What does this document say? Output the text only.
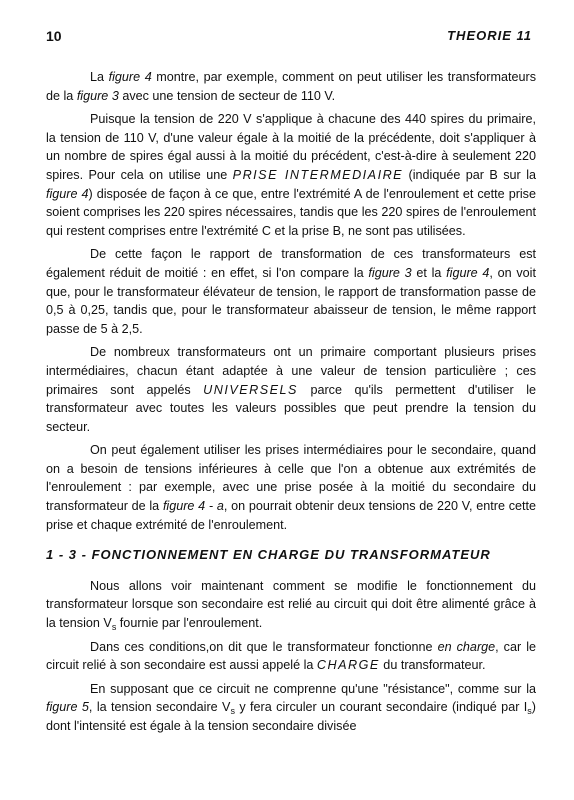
10	THEORIE 11

La figure 4 montre, par exemple, comment on peut utiliser les transformateurs de la figure 3 avec une tension de secteur de 110 V.

Puisque la tension de 220 V s'applique à chacune des 440 spires du primaire, la tension de 110 V, d'une valeur égale à la moitié de la précédente, doit s'appliquer à un nombre de spires égal aussi à la moitié du précédent, c'est-à-dire à seulement 220 spires. Pour cela on utilise une PRISE INTERMEDIAIRE (indiquée par B sur la figure 4) disposée de façon à ce que, entre l'extrémité A de l'enroulement et cette prise soient comprises les 220 spires nécessaires, tandis que les 220 spires de l'enroulement qui restent comprises entre l'extrémité C et la prise B, ne sont pas utilisées.

De cette façon le rapport de transformation de ces transformateurs est également réduit de moitié : en effet, si l'on compare la figure 3 et la figure 4, on voit que, pour le transformateur élévateur de tension, le rapport de transformation passe de 0,5 à 0,25, tandis que, pour le transformateur abaisseur de tension, le même rapport passe de 5 à 2,5.

De nombreux transformateurs ont un primaire comportant plusieurs prises intermédiaires, chacun étant adaptée à une valeur de tension particulière ; ces primaires sont appelés UNIVERSELS parce qu'ils permettent d'utiliser le transformateur avec toutes les valeurs possibles que peut prendre la tension du secteur.

On peut également utiliser les prises intermédiaires pour le secondaire, quand on a besoin de tensions inférieures à celle que l'on a obtenue aux extrémités de l'enroulement : par exemple, avec une prise posée à la moitié du secondaire du transformateur de la figure 4 - a, on pourrait obtenir deux tensions de 220 V, entre cette prise et chaque extrémité de l'enroulement.

1 - 3 - FONCTIONNEMENT EN CHARGE DU TRANSFORMATEUR

Nous allons voir maintenant comment se modifie le fonctionnement du transformateur lorsque son secondaire est relié au circuit qui doit être alimenté grâce à la tension $V_s$ fournie par l'enroulement.

Dans ces conditions,on dit que le transformateur fonctionne en charge, car le circuit relié à son secondaire est aussi appelé la CHARGE du transformateur.

En supposant que ce circuit ne comprenne qu'une "résistance", comme sur la figure 5, la tension secondaire $V_s$ y fera circuler un courant secondaire (indiqué par $I_s$) dont l'intensité est égale à la tension secondaire divisée
